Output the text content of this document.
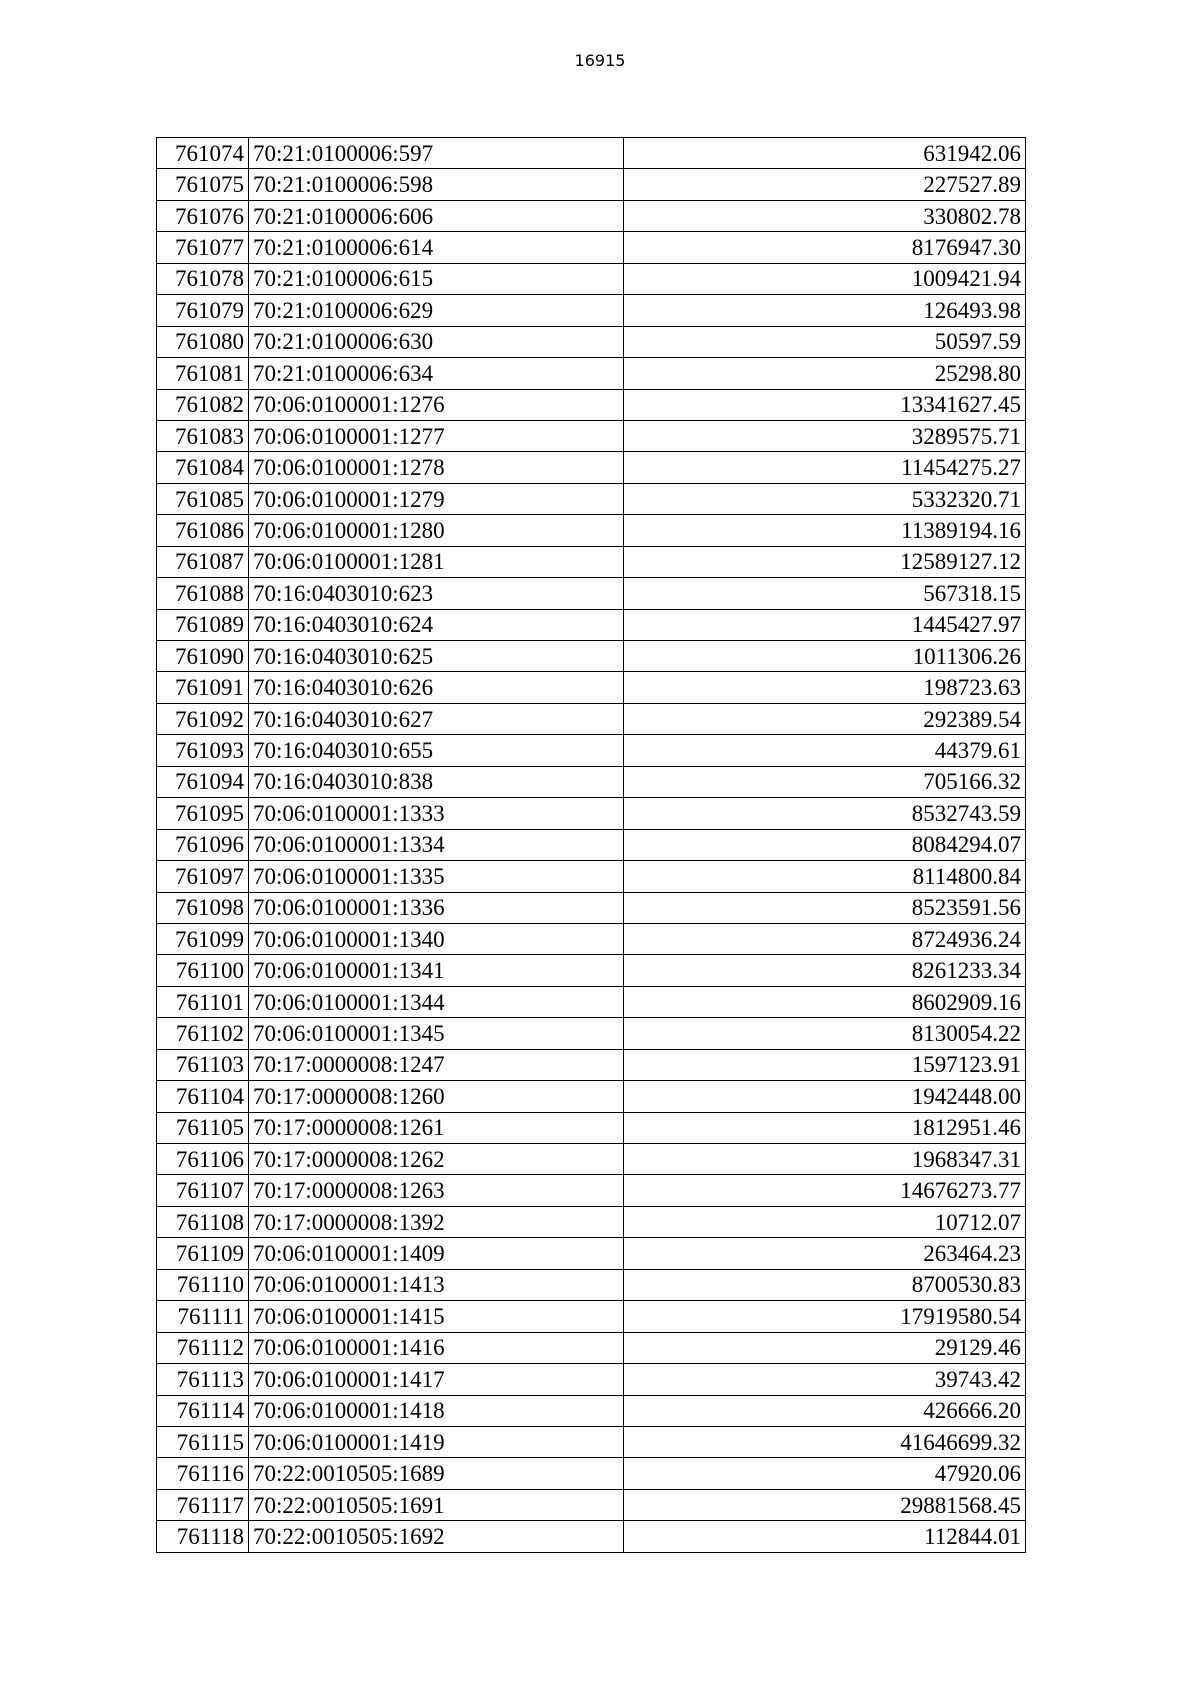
16915
761074	70:21:0100006:597	631942.06
761075	70:21:0100006:598	227527.89
761076	70:21:0100006:606	330802.78
761077	70:21:0100006:614	8176947.30
761078	70:21:0100006:615	1009421.94
761079	70:21:0100006:629	126493.98
761080	70:21:0100006:630	50597.59
761081	70:21:0100006:634	25298.80
761082	70:06:0100001:1276	13341627.45
761083	70:06:0100001:1277	3289575.71
761084	70:06:0100001:1278	11454275.27
761085	70:06:0100001:1279	5332320.71
761086	70:06:0100001:1280	11389194.16
761087	70:06:0100001:1281	12589127.12
761088	70:16:0403010:623	567318.15
761089	70:16:0403010:624	1445427.97
761090	70:16:0403010:625	1011306.26
761091	70:16:0403010:626	198723.63
761092	70:16:0403010:627	292389.54
761093	70:16:0403010:655	44379.61
761094	70:16:0403010:838	705166.32
761095	70:06:0100001:1333	8532743.59
761096	70:06:0100001:1334	8084294.07
761097	70:06:0100001:1335	8114800.84
761098	70:06:0100001:1336	8523591.56
761099	70:06:0100001:1340	8724936.24
761100	70:06:0100001:1341	8261233.34
761101	70:06:0100001:1344	8602909.16
761102	70:06:0100001:1345	8130054.22
761103	70:17:0000008:1247	1597123.91
761104	70:17:0000008:1260	1942448.00
761105	70:17:0000008:1261	1812951.46
761106	70:17:0000008:1262	1968347.31
761107	70:17:0000008:1263	14676273.77
761108	70:17:0000008:1392	10712.07
761109	70:06:0100001:1409	263464.23
761110	70:06:0100001:1413	8700530.83
761111	70:06:0100001:1415	17919580.54
761112	70:06:0100001:1416	29129.46
761113	70:06:0100001:1417	39743.42
761114	70:06:0100001:1418	426666.20
761115	70:06:0100001:1419	41646699.32
761116	70:22:0010505:1689	47920.06
761117	70:22:0010505:1691	29881568.45
761118	70:22:0010505:1692	112844.01
